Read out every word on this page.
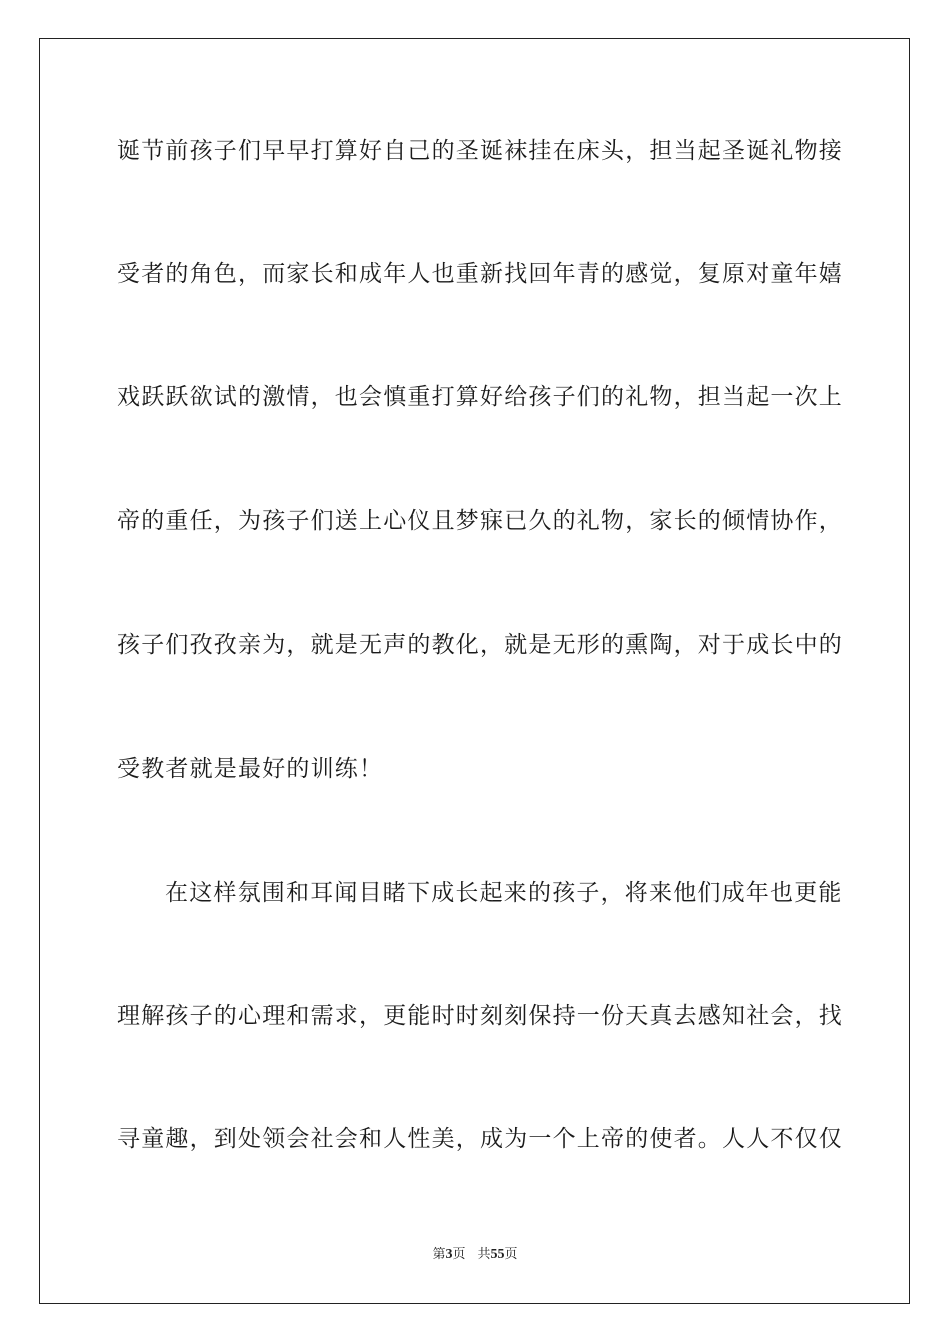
诞节前孩子们早早打算好自己的圣诞袜挂在床头，担当起圣诞礼物接
受者的角色，而家长和成年人也重新找回年青的感觉，复原对童年嬉
戏跃跃欲试的激情，也会慎重打算好给孩子们的礼物，担当起一次上
帝的重任，为孩子们送上心仪且梦寐已久的礼物，家长的倾情协作，
孩子们孜孜亲为，就是无声的教化，就是无形的熏陶，对于成长中的
受教者就是最好的训练！
在这样氛围和耳闻目睹下成长起来的孩子，将来他们成年也更能
理解孩子的心理和需求，更能时时刻刻保持一份天真去感知社会，找
寻童趣，到处领会社会和人性美，成为一个上帝的使者。人人不仅仅
第3页 共55页
